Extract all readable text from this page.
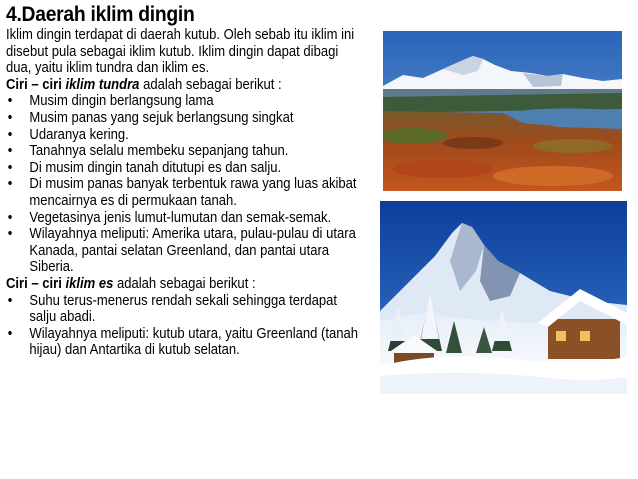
4.Daerah iklim dingin

Iklim dingin terdapat di daerah kutub. Oleh sebab itu iklim ini disebut pula sebagai iklim kutub. Iklim dingin dapat dibagi dua, yaitu iklim tundra dan iklim es.

Ciri – ciri iklim tundra adalah sebagai berikut :

• Musim dingin berlangsung lama
• Musim panas yang sejuk berlangsung singkat
• Udaranya kering.
• Tanahnya selalu membeku sepanjang tahun.
• Di musim dingin tanah ditutupi es dan salju.
• Di musim panas banyak terbentuk rawa yang luas akibat mencairnya es di permukaan tanah.
• Vegetasinya jenis lumut-lumutan dan semak-semak.
• Wilayahnya meliputi: Amerika utara, pulau-pulau di utara Kanada, pantai selatan Greenland, dan pantai utara Siberia.

Ciri – ciri iklim es adalah sebagai berikut :

• Suhu terus-menerus rendah sekali sehingga terdapat salju abadi.
• Wilayahnya meliputi: kutub utara, yaitu Greenland (tanah hijau) dan Antartika di kutub selatan.
